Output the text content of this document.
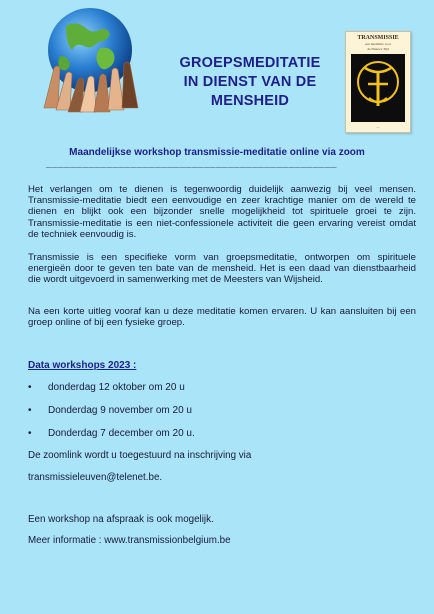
GROEPSMEDITATIE
IN DIENST VAN DE
MENSHEID
TRANSMISSIE
een meditatie voor
de Nieuwe Tijd
—
Maandelijkse workshop transmissie-meditatie online via zoom
________________________________________________

Het verlangen om te dienen is tegenwoordig duidelijk aanwezig bij veel mensen. Transmissie-meditatie biedt een eenvoudige en zeer krachtige manier om de wereld te dienen en blijkt ook een bijzonder snelle mogelijkheid tot spirituele groei te zijn. Transmissie-meditatie is een niet-confessionele activiteit die geen ervaring vereist omdat de techniek eenvoudig is.

Transmissie is een specifieke vorm van groepsmeditatie, ontworpen om spirituele energieën door te geven ten bate van de mensheid. Het is een daad van dienstbaarheid die wordt uitgevoerd in samenwerking met de Meesters van Wijsheid.

Na een korte uitleg vooraf kan u deze meditatie komen ervaren. U kan aansluiten bij een groep online of bij een fysieke groep.

Data workshops 2023 :
• donderdag 12 oktober om 20 u
• Donderdag 9 november om 20 u
• Donderdag 7 december om 20 u.
De zoomlink wordt u toegestuurd na inschrijving via
transmissieleuven@telenet.be.
Een workshop na afspraak is ook mogelijk.
Meer informatie : www.transmissionbelgium.be
